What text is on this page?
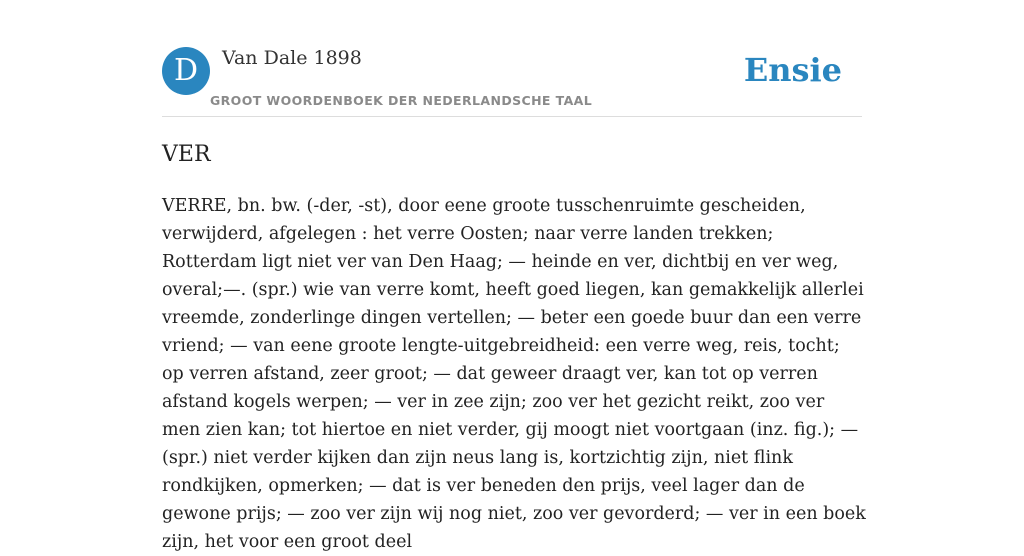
D	Van Dale 1898
GROOT WOORDENBOEK DER NEDERLANDSCHE TAAL
Ensie
VER

VERRE, bn. bw. (-der, -st), door eene groote tusschenruimte gescheiden, verwijderd, afgelegen : het verre Oosten; naar verre landen trekken; Rotterdam ligt niet ver van Den Haag; — heinde en ver, dichtbij en ver weg, overal;—. (spr.) wie van verre komt, heeft goed liegen, kan gemakkelijk allerlei vreemde, zonderlinge dingen vertellen; — beter een goede buur dan een verre vriend; — van eene groote lengte-uitgebreidheid: een verre weg, reis, tocht; op verren afstand, zeer groot; — dat geweer draagt ver, kan tot op verren afstand kogels werpen; — ver in zee zijn; zoo ver het gezicht reikt, zoo ver men zien kan; tot hiertoe en niet verder, gij moogt niet voortgaan (inz. fig.); — (spr.) niet verder kijken dan zijn neus lang is, kortzichtig zijn, niet flink rondkijken, opmerken; — dat is ver beneden den prijs, veel lager dan de gewone prijs; — zoo ver zijn wij nog niet, zoo ver gevorderd; — ver in een boek zijn, het voor een groot deel
